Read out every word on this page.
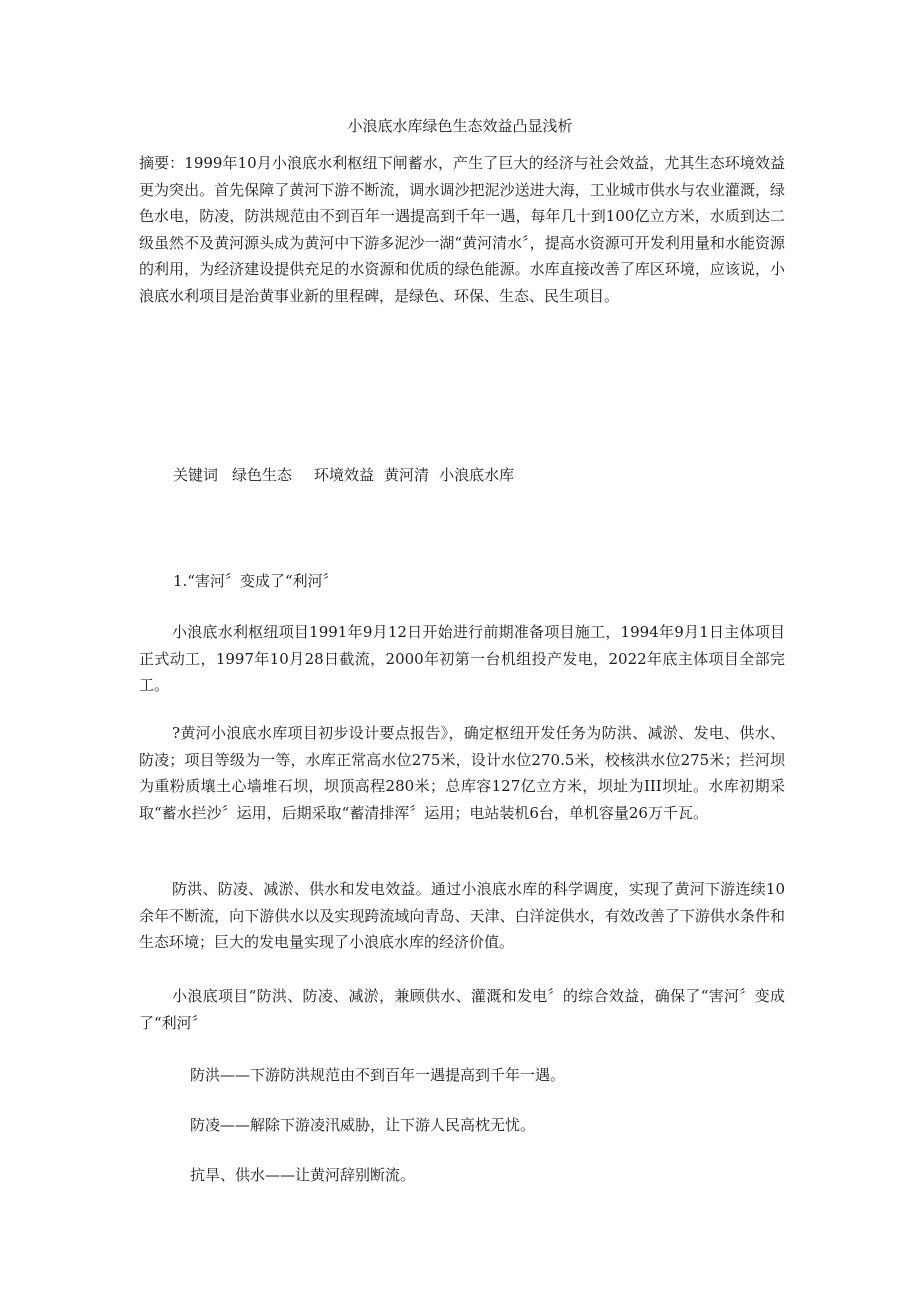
小浪底水库绿色生态效益凸显浅析

摘要：1999年10月小浪底水利枢纽下闸蓄水，产生了巨大的经济与社会效益，尤其生态环境效益更为突出。首先保障了黄河下游不断流，调水调沙把泥沙送进大海，工业城市供水与农业灌溉，绿色水电，防凌，防洪规范由不到百年一遇提高到千年一遇，每年几十到100亿立方米，水质到达二级虽然不及黄河源头成为黄河中下游多泥沙一湖“黄河清水〞，提高水资源可开发利用量和水能资源的利用，为经济建设提供充足的水资源和优质的绿色能源。水库直接改善了库区环境，应该说，小浪底水利项目是治黄事业新的里程碑，是绿色、环保、生态、民生项目。

关键词 绿色生态 环境效益 黄河清 小浪底水库
1.“害河〞变成了“利河〞

小浪底水利枢纽项目1991年9月12日开始进行前期准备项目施工，1994年9月1日主体项目正式动工，1997年10月28日截流，2000年初第一台机组投产发电，2022年底主体项目全部完工。

?黄河小浪底水库项目初步设计要点报告》，确定枢纽开发任务为防洪、减淤、发电、供水、防凌；项目等级为一等，水库正常高水位275米，设计水位270.5米，校核洪水位275米；拦河坝为重粉质壤土心墙堆石坝，坝顶高程280米；总库容127亿立方米，坝址为III坝址。水库初期采取“蓄水拦沙〞运用，后期采取“蓄清排浑〞运用；电站装机6台，单机容量26万千瓦。

防洪、防凌、减淤、供水和发电效益。通过小浪底水库的科学调度，实现了黄河下游连续10余年不断流，向下游供水以及实现跨流域向青岛、天津、白洋淀供水，有效改善了下游供水条件和生态环境；巨大的发电量实现了小浪底水库的经济价值。

小浪底项目“防洪、防凌、减淤，兼顾供水、灌溉和发电〞的综合效益，确保了“害河〞变成了“利河〞

防洪——下游防洪规范由不到百年一遇提高到千年一遇。

防凌——解除下游凌汛威胁，让下游人民高枕无忧。

抗旱、供水——让黄河辞别断流。
